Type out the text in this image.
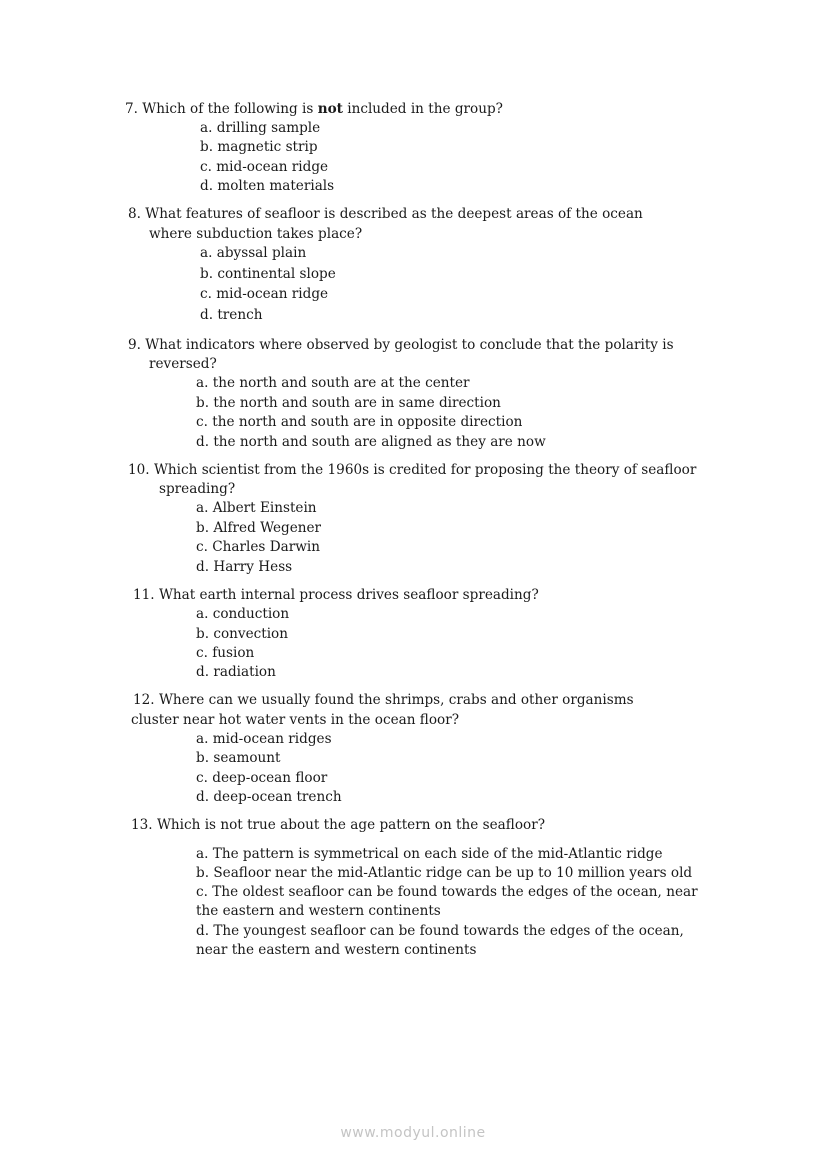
7. Which of the following is not included in the group?
a. drilling sample
b. magnetic strip
c. mid-ocean ridge
d. molten materials
8. What features of seafloor is described as the deepest areas of the ocean
where subduction takes place?
a. abyssal plain
b. continental slope
c. mid-ocean ridge
d. trench
9. What indicators where observed by geologist to conclude that the polarity is
reversed?
a. the north and south are at the center
b. the north and south are in same direction
c. the north and south are in opposite direction
d. the north and south are aligned as they are now
10. Which scientist from the 1960s is credited for proposing the theory of seafloor
spreading?
a. Albert Einstein
b. Alfred Wegener
c. Charles Darwin
d. Harry Hess
11. What earth internal process drives seafloor spreading?
a. conduction
b. convection
c. fusion
d. radiation
12. Where can we usually found the shrimps, crabs and other organisms
cluster near hot water vents in the ocean floor?
a. mid-ocean ridges
b. seamount
c. deep-ocean floor
d. deep-ocean trench
13. Which is not true about the age pattern on the seafloor?
a. The pattern is symmetrical on each side of the mid-Atlantic ridge
b. Seafloor near the mid-Atlantic ridge can be up to 10 million years old
c. The oldest seafloor can be found towards the edges of the ocean, near
the eastern and western continents
d. The youngest seafloor can be found towards the edges of the ocean,
near the eastern and western continents
www.modyul.online
